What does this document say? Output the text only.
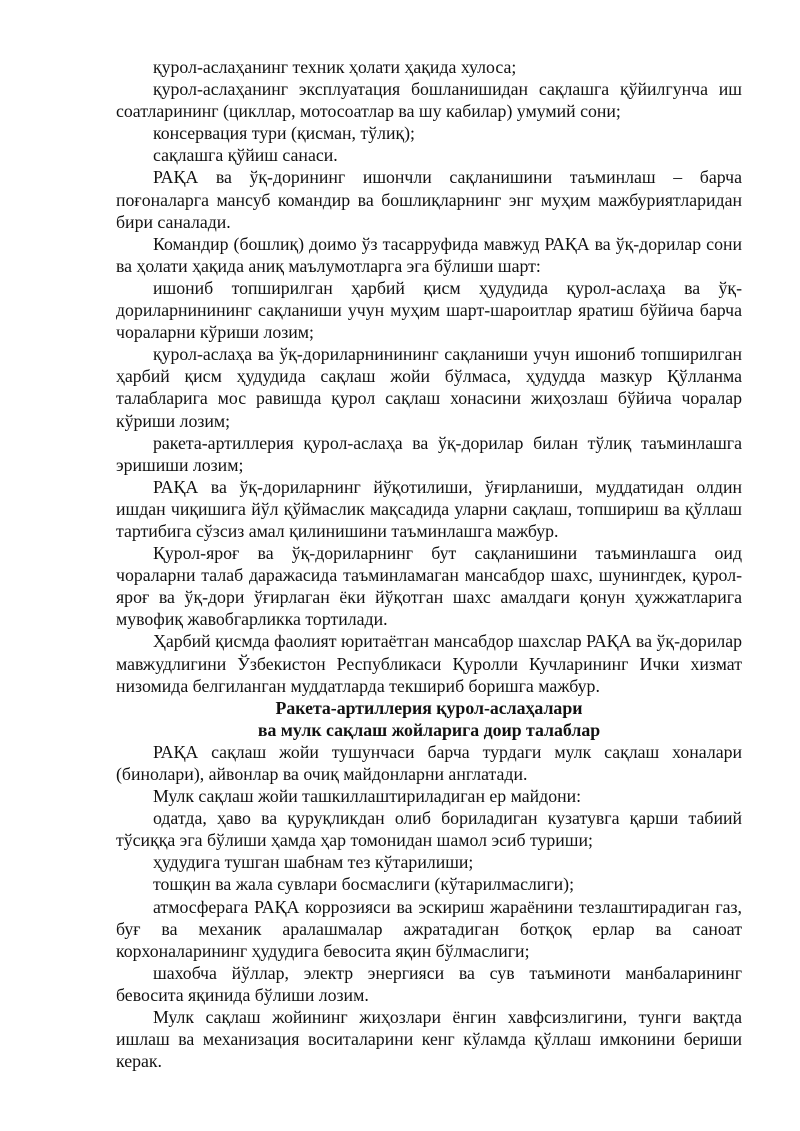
қурол-аслаҳанинг техник ҳолати ҳақида хулоса;

қурол-аслаҳанинг эксплуатация бошланишидан сақлашга қўйилгунча иш соатларининг (цикллар, мотосоатлар ва шу кабилар) умумий сони;

консервация тури (қисман, тўлиқ);

сақлашга қўйиш санаси.

РАҚА ва ўқ-дорининг ишончли сақланишини таъминлаш – барча поғоналарга мансуб командир ва бошлиқларнинг энг муҳим мажбуриятларидан бири саналади.

Командир (бошлиқ) доимо ўз тасарруфида мавжуд РАҚА ва ўқ-дорилар сони ва ҳолати ҳақида аниқ маълумотларга эга бўлиши шарт:

ишониб топширилган ҳарбий қисм ҳудудида қурол-аслаҳа ва ўқ-дориларнинининг сақланиши учун муҳим шарт-шароитлар яратиш бўйича барча чораларни кўриши лозим;

қурол-аслаҳа ва ўқ-дориларнинининг сақланиши учун ишониб топширилган ҳарбий қисм ҳудудида сақлаш жойи бўлмаса, ҳудудда мазкур Қўлланма талабларига мос равишда қурол сақлаш хонасини жиҳозлаш бўйича чоралар кўриши лозим;

ракета-артиллерия қурол-аслаҳа ва ўқ-дорилар билан тўлиқ таъминлашга эришиши лозим;

РАҚА ва ўқ-дориларнинг йўқотилиши, ўғирланиши, муддатидан олдин ишдан чиқишига йўл қўймаслик мақсадида уларни сақлаш, топшириш ва қўллаш тартибига сўзсиз амал қилинишини таъминлашга мажбур.

Қурол-яроғ ва ўқ-дориларнинг бут сақланишини таъминлашга оид чораларни талаб даражасида таъминламаган мансабдор шахс, шунингдек, қурол-яроғ ва ўқ-дори ўғирлаган ёки йўқотган шахс амалдаги қонун ҳужжатларига мувофиқ жавобгарликка тортилади.

Ҳарбий қисмда фаолият юритаётган мансабдор шахслар РАҚА ва ўқ-дорилар мавжудлигини Ўзбекистон Республикаси Қуролли Кучларининг Ички хизмат низомида белгиланган муддатларда текшириб боришга мажбур.

Ракета-артиллерия қурол-аслаҳалари
ва мулк сақлаш жойларига доир талаблар

РАҚА сақлаш жойи тушунчаси барча турдаги мулк сақлаш хоналари (бинолари), айвонлар ва очиқ майдонларни англатади.

Мулк сақлаш жойи ташкиллаштириладиган ер майдони:

одатда, ҳаво ва қуруқликдан олиб бориладиган кузатувга қарши табиий тўсиққа эга бўлиши ҳамда ҳар томонидан шамол эсиб туриши;

ҳудудига тушган шабнам тез кўтарилиши;

тошқин ва жала сувлари босмаслиги (кўтарилмаслиги);

атмосферага РАҚА коррозияси ва эскириш жараёнини тезлаштирадиган газ, буғ ва механик аралашмалар ажратадиган ботқоқ ерлар ва саноат корхоналарининг ҳудудига бевосита яқин бўлмаслиги;

шахобча йўллар, электр энергияси ва сув таъминоти манбаларининг бевосита яқинида бўлиши лозим.

Мулк сақлаш жойининг жиҳозлари ёнгин хавфсизлигини, тунги вақтда ишлаш ва механизация воситаларини кенг кўламда қўллаш имконини бериши керак.
